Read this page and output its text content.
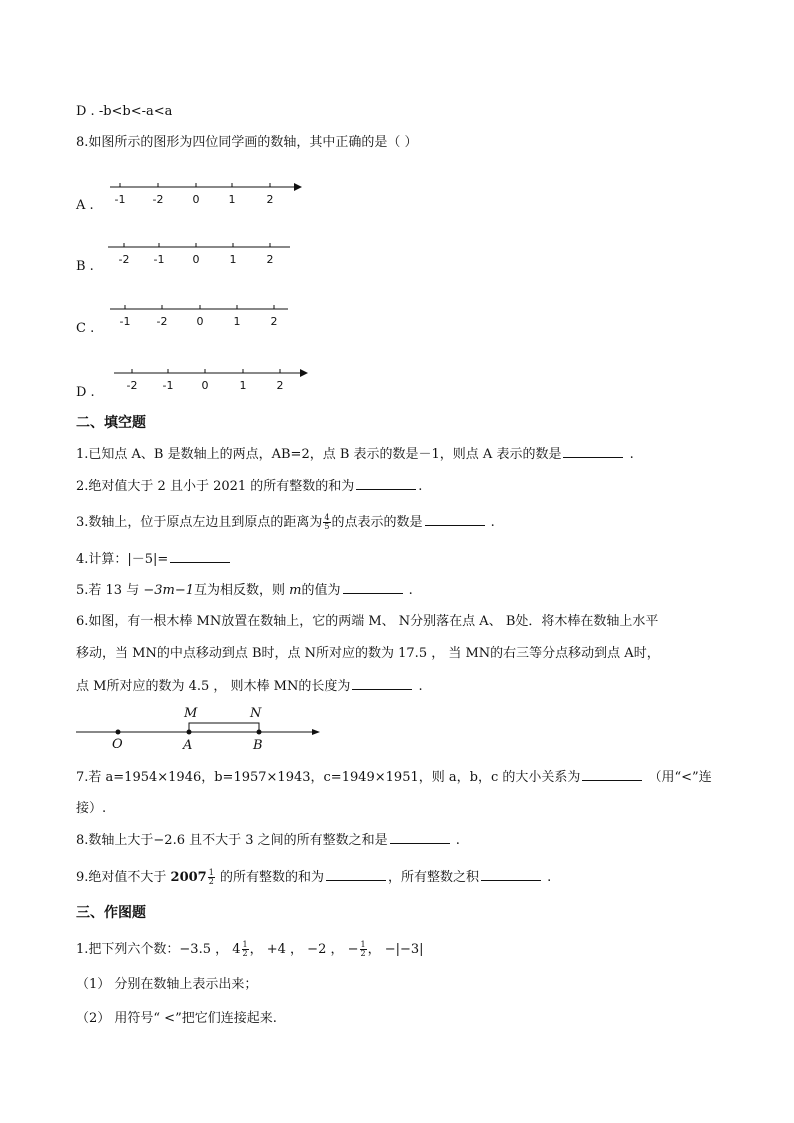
D . -b<b<-a<a
8.如图所示的图形为四位同学画的数轴，其中正确的是（ ）
A . -1 -2	0	1	2
B . -2 -1	0	1	2
C . -1 -2	0	1	2
D .	-2 -1	0	1	2
二、填空题
1.已知点 A、B 是数轴上的两点，AB=2，点 B 表示的数是－1，则点 A 表示的数是	.
2.绝对值大于 2 且小于 2021 的所有整数的和为	.
3.数轴上，位于原点左边且到原点的距离为 $\frac{4}{5}$ 的点表示的数是	.
4.计算：|－5|=
5.若 13 与 −3m−1互为相反数，则 m的值为	.
6.如图，有一根木棒 MN放置在数轴上，它的两端 M、 N分别落在点 A、 B处．将木棒在数轴上水平
移动，当 MN的中点移动到点 B时，点 N所对应的数为 17.5 ， 当 MN的右三等分点移动到点 A时，
点 M所对应的数为 4.5 ， 则木棒 MN的长度为	.
M	N
O	A	B
7.若 a=1954×1946，b=1957×1943，c=1949×1951，则 a，b，c 的大小关系为	（用“<”连
接）.
8.数轴上大于−2.6 且不大于 3 之间的所有整数之和是	.
9.绝对值不大于 $2007 \frac{1}{2}$ 的所有整数的和为	，所有整数之积	.
三、作图题
1.把下列六个数：−3.5 ， $4 \frac{1}{2}$ ， +4 ， −2 ， − $\frac{1}{2}$ ， −|−3|
（1） 分别在数轴上表示出来；
（2） 用符号“ <”把它们连接起来.
